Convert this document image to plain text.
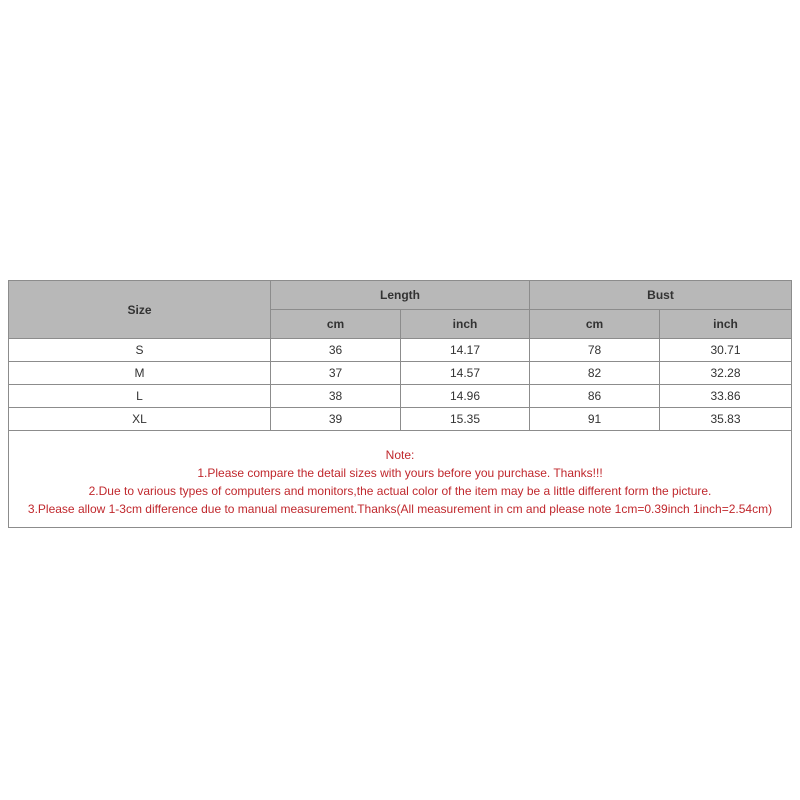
Size	Length		Bust	
	cm	inch	cm	inch
S	36	14.17	78	30.71
M	37	14.57	82	32.28
L	38	14.96	86	33.86
XL	39	15.35	91	35.83

Note:
1.Please compare the detail sizes with yours before you purchase. Thanks!!!
2.Due to various types of computers and monitors,the actual color of the item may be a little different form the picture.
3.Please allow 1-3cm difference due to manual measurement.Thanks(All measurement in cm and please note 1cm=0.39inch 1inch=2.54cm)				
